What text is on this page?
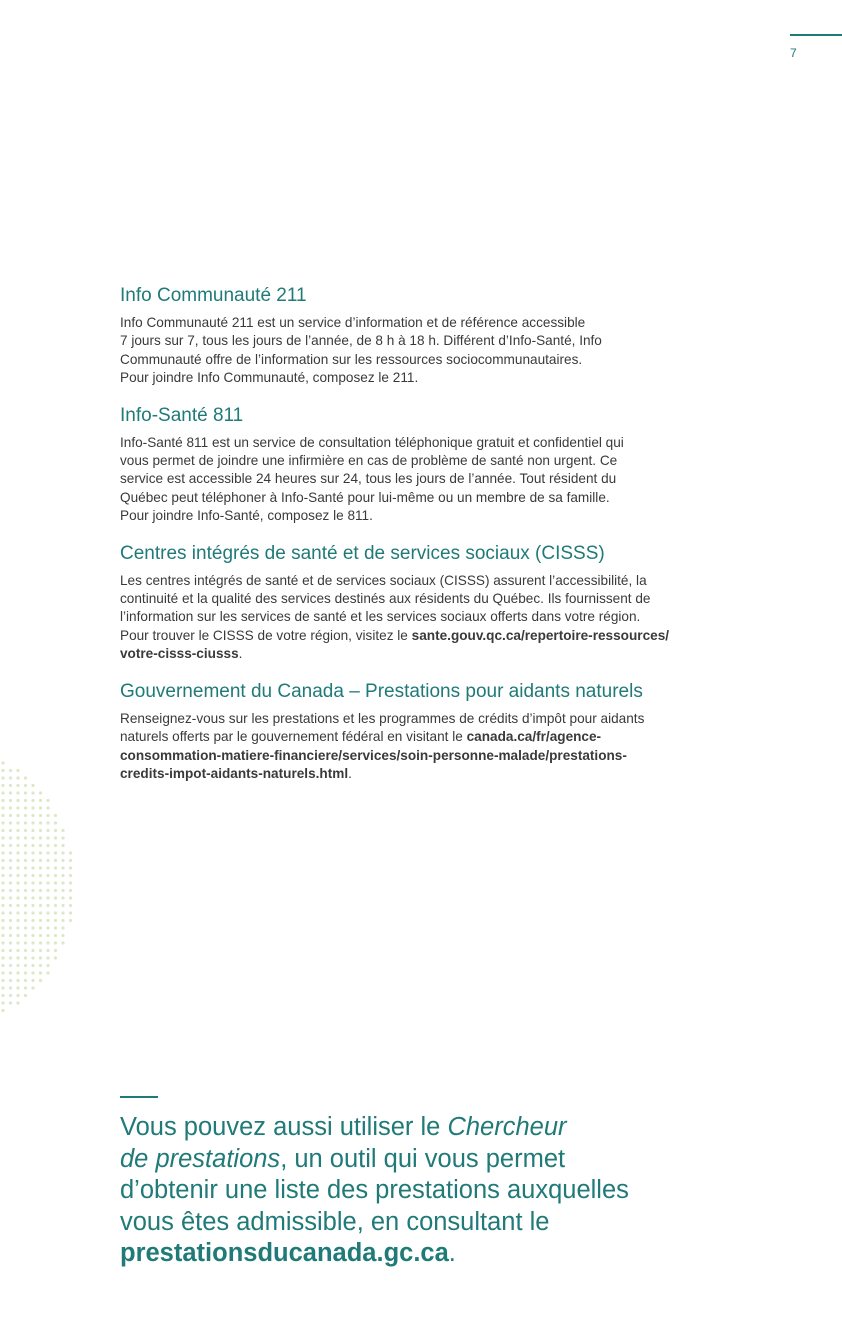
7
Info Communauté 211

Info Communauté 211 est un service d’information et de référence accessible
7 jours sur 7, tous les jours de l’année, de 8 h à 18 h. Différent d’Info-Santé, Info
Communauté offre de l’information sur les ressources sociocommunautaires.
Pour joindre Info Communauté, composez le 211.

Info-Santé 811

Info-Santé 811 est un service de consultation téléphonique gratuit et confidentiel qui
vous permet de joindre une infirmière en cas de problème de santé non urgent. Ce
service est accessible 24 heures sur 24, tous les jours de l’année. Tout résident du
Québec peut téléphoner à Info-Santé pour lui-même ou un membre de sa famille.
Pour joindre Info-Santé, composez le 811.

Centres intégrés de santé et de services sociaux (CISSS)

Les centres intégrés de santé et de services sociaux (CISSS) assurent l’accessibilité, la
continuité et la qualité des services destinés aux résidents du Québec. Ils fournissent de
l’information sur les services de santé et les services sociaux offerts dans votre région.
Pour trouver le CISSS de votre région, visitez le sante.gouv.qc.ca/repertoire-ressources/
votre-cisss-ciusss.

Gouvernement du Canada – Prestations pour aidants naturels

Renseignez-vous sur les prestations et les programmes de crédits d’impôt pour aidants
naturels offerts par le gouvernement fédéral en visitant le canada.ca/fr/agence-
consommation-matiere-financiere/services/soin-personne-malade/prestations-
credits-impot-aidants-naturels.html.

Vous pouvez aussi utiliser le Chercheur
de prestations, un outil qui vous permet
d’obtenir une liste des prestations auxquelles
vous êtes admissible, en consultant le
prestationsducanada.gc.ca.
